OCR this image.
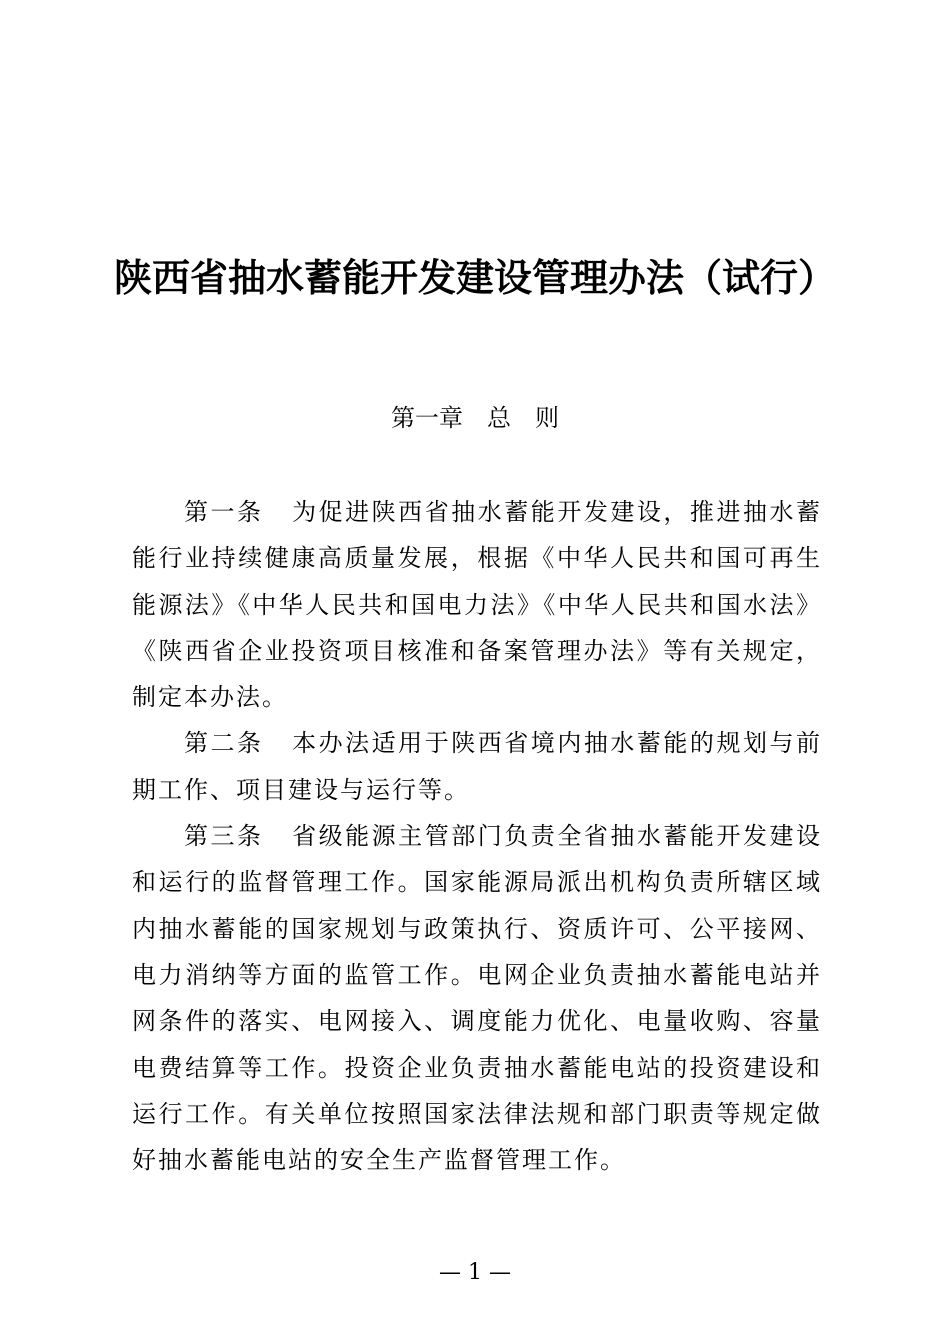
陕西省抽水蓄能开发建设管理办法（试行）
第一章　总　则

第一条 为促进陕西省抽水蓄能开发建设，推进抽水蓄能行业持续健康高质量发展，根据《中华人民共和国可再生能源法》《中华人民共和国电力法》《中华人民共和国水法》《陕西省企业投资项目核准和备案管理办法》等有关规定，制定本办法。

第二条 本办法适用于陕西省境内抽水蓄能的规划与前期工作、项目建设与运行等。

第三条 省级能源主管部门负责全省抽水蓄能开发建设和运行的监督管理工作。国家能源局派出机构负责所辖区域内抽水蓄能的国家规划与政策执行、资质许可、公平接网、电力消纳等方面的监管工作。电网企业负责抽水蓄能电站并网条件的落实、电网接入、调度能力优化、电量收购、容量电费结算等工作。投资企业负责抽水蓄能电站的投资建设和运行工作。有关单位按照国家法律法规和部门职责等规定做好抽水蓄能电站的安全生产监督管理工作。

— 1 —
